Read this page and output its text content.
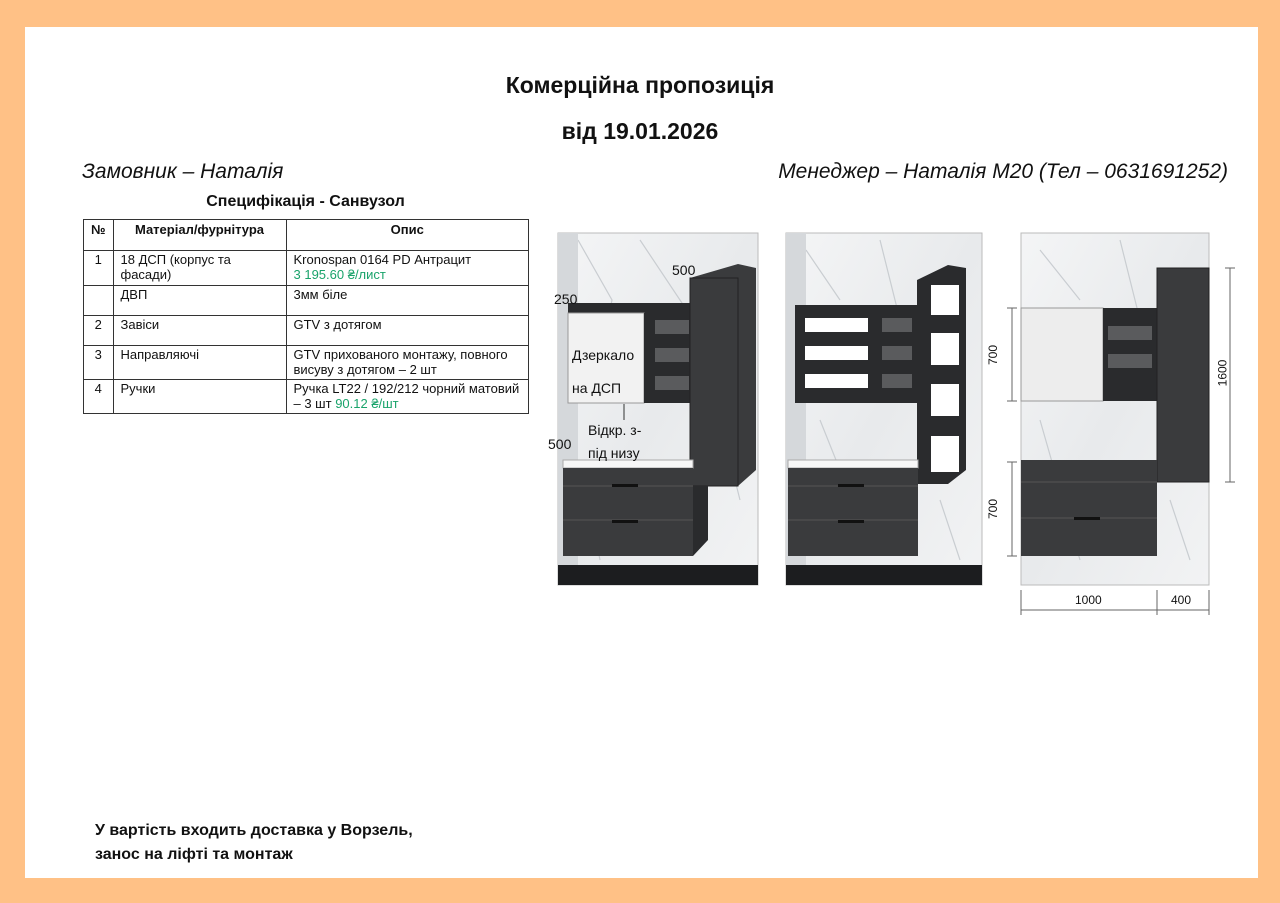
Комерційна пропозиція
від 19.01.2026
Замовник – Наталія	Менеджер – Наталія М20 (Тел – 0631691252)
Специфікація - Санвузол
№	Матеріал/фурнітура	Опис
1	18 ДСП (корпус та фасади)	Kronospan 0164 PD Антрацит
3 195.60 ₴/лист
	ДВП	3мм біле
2	Завіси	GTV з дотягом
3	Направляючі	GTV прихованого монтажу, повного висуву з дотягом – 2 шт
4	Ручки	Ручка LT22 / 192/212 чорний матовий – 3 шт 90.12 ₴/шт
250
500
500
Дзеркало
на ДСП
Відкр. з-
під низу
700
700
1600
1000	400
У вартість входить доставка у Ворзель,
занос на ліфті та монтаж
